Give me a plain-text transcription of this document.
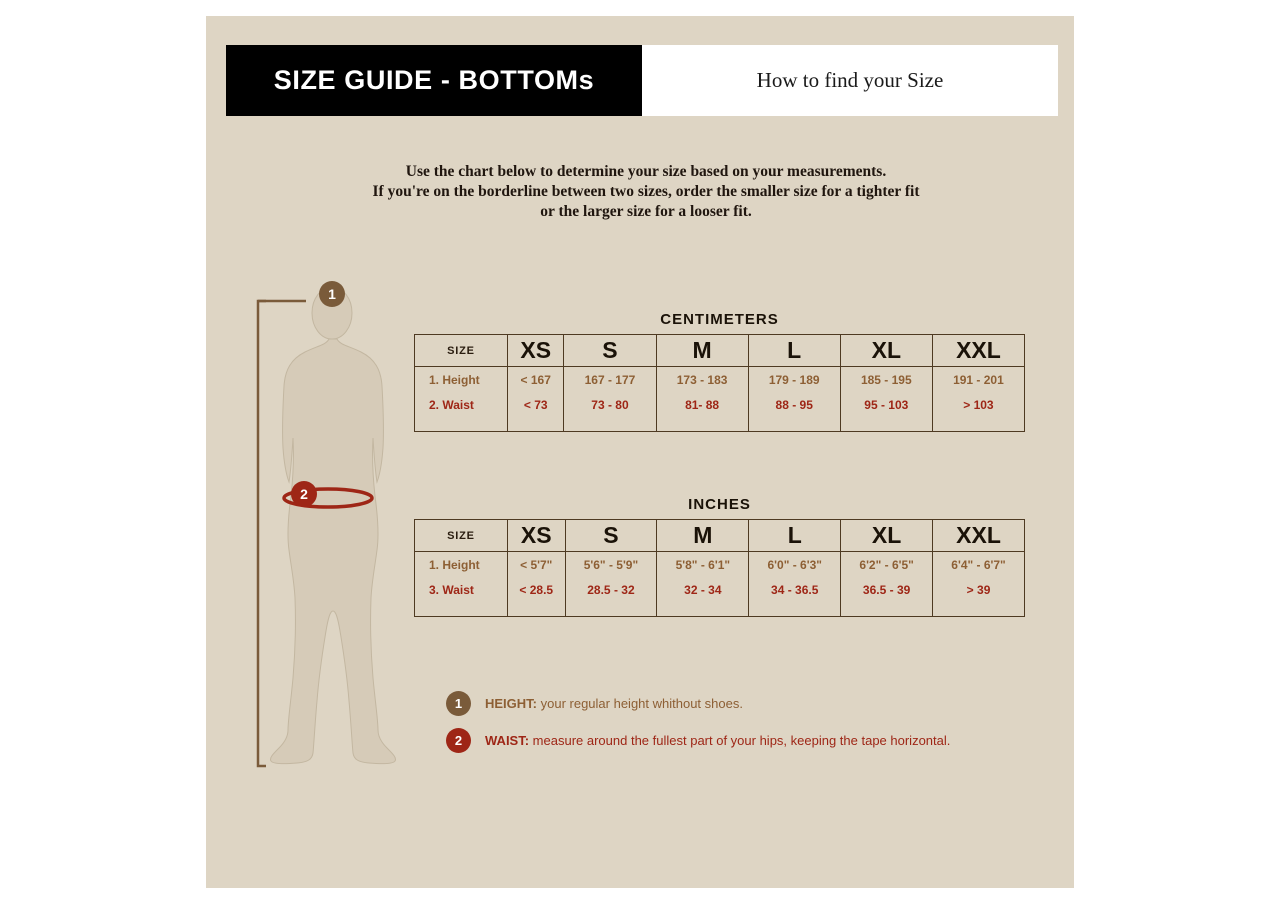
SIZE GUIDE - BOTTOMs	How to find your Size
Use the chart below to determine your size based on your measurements.
If you're on the borderline between two sizes, order the smaller size for a tighter fit
or the larger size for a looser fit.
1
2
CENTIMETERS
SIZE	XS	S	M	L	XL	XXL
1. Height	< 167	167 - 177	173 - 183	179 - 189	185 - 195	191 - 201
2. Waist	< 73	73 - 80	81- 88	88 - 95	95 - 103	> 103

INCHES
SIZE	XS	S	M	L	XL	XXL
1. Height	< 5'7"	5'6" - 5'9"	5'8" - 6'1"	6'0" - 6'3"	6'2" - 6'5"	6'4" - 6'7"
3. Waist	< 28.5	28.5 - 32	32 - 34	34 - 36.5	36.5 - 39	> 39

1 HEIGHT: your regular height whithout shoes.
2 WAIST: measure around the fullest part of your hips, keeping the tape horizontal.
